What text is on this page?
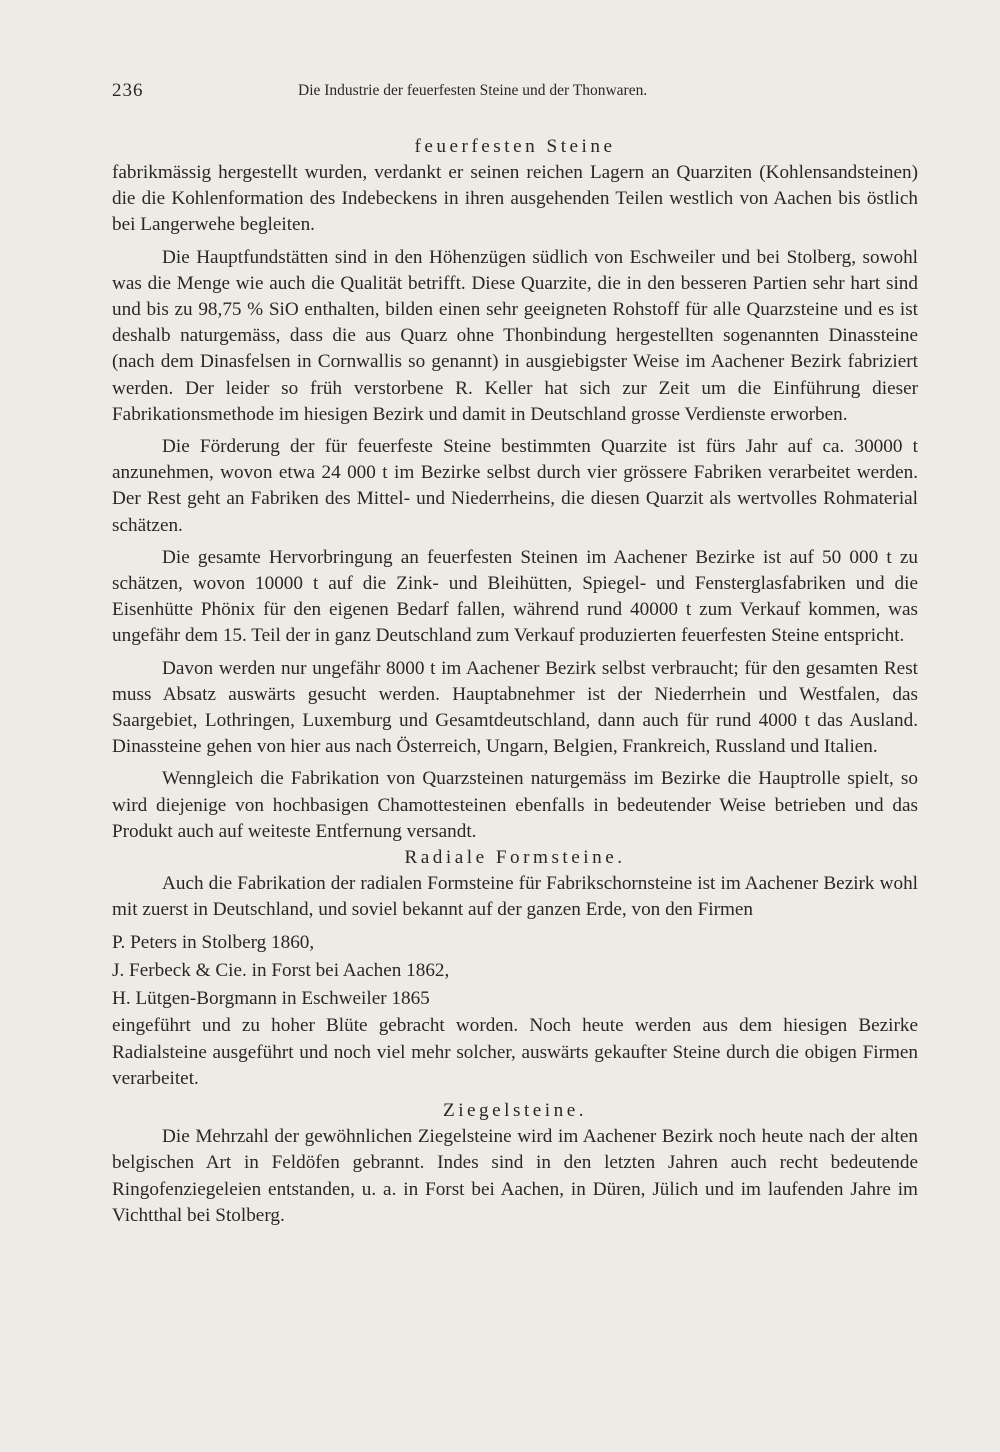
236	Die Industrie der feuerfesten Steine und der Thonwaren.

feuerfesten Steine

fabrikmässig hergestellt wurden, verdankt er seinen reichen Lagern an Quarziten (Kohlensandsteinen) die die Kohlenformation des Indebeckens in ihren ausgehenden Teilen westlich von Aachen bis östlich bei Langerwehe begleiten.

Die Hauptfundstätten sind in den Höhenzügen südlich von Eschweiler und bei Stolberg, sowohl was die Menge wie auch die Qualität betrifft. Diese Quarzite, die in den besseren Partien sehr hart sind und bis zu 98,75 % SiO enthalten, bilden einen sehr geeigneten Rohstoff für alle Quarzsteine und es ist deshalb naturgemäss, dass die aus Quarz ohne Thonbindung hergestellten sogenannten Dinassteine (nach dem Dinasfelsen in Cornwallis so genannt) in ausgiebigster Weise im Aachener Bezirk fabriziert werden. Der leider so früh verstorbene R. Keller hat sich zur Zeit um die Einführung dieser Fabrikationsmethode im hiesigen Bezirk und damit in Deutschland grosse Verdienste erworben.

Die Förderung der für feuerfeste Steine bestimmten Quarzite ist fürs Jahr auf ca. 30000 t anzunehmen, wovon etwa 24 000 t im Bezirke selbst durch vier grössere Fabriken verarbeitet werden. Der Rest geht an Fabriken des Mittel- und Niederrheins, die diesen Quarzit als wertvolles Rohmaterial schätzen.

Die gesamte Hervorbringung an feuerfesten Steinen im Aachener Bezirke ist auf 50 000 t zu schätzen, wovon 10000 t auf die Zink- und Bleihütten, Spiegel- und Fensterglasfabriken und die Eisenhütte Phönix für den eigenen Bedarf fallen, während rund 40000 t zum Verkauf kommen, was ungefähr dem 15. Teil der in ganz Deutschland zum Verkauf produzierten feuerfesten Steine entspricht.

Davon werden nur ungefähr 8000 t im Aachener Bezirk selbst verbraucht; für den gesamten Rest muss Absatz auswärts gesucht werden. Hauptabnehmer ist der Niederrhein und Westfalen, das Saargebiet, Lothringen, Luxemburg und Gesamtdeutschland, dann auch für rund 4000 t das Ausland. Dinassteine gehen von hier aus nach Österreich, Ungarn, Belgien, Frankreich, Russland und Italien.

Wenngleich die Fabrikation von Quarzsteinen naturgemäss im Bezirke die Hauptrolle spielt, so wird diejenige von hochbasigen Chamottesteinen ebenfalls in bedeutender Weise betrieben und das Produkt auch auf weiteste Entfernung versandt.

Radiale Formsteine.

Auch die Fabrikation der radialen Formsteine für Fabrikschornsteine ist im Aachener Bezirk wohl mit zuerst in Deutschland, und soviel bekannt auf der ganzen Erde, von den Firmen

P. Peters in Stolberg 1860,

J. Ferbeck & Cie. in Forst bei Aachen 1862,

H. Lütgen-Borgmann in Eschweiler 1865

eingeführt und zu hoher Blüte gebracht worden. Noch heute werden aus dem hiesigen Bezirke Radialsteine ausgeführt und noch viel mehr solcher, auswärts gekaufter Steine durch die obigen Firmen verarbeitet.

Ziegelsteine.

Die Mehrzahl der gewöhnlichen Ziegelsteine wird im Aachener Bezirk noch heute nach der alten belgischen Art in Feldöfen gebrannt. Indes sind in den letzten Jahren auch recht bedeutende Ringofenziegeleien entstanden, u. a. in Forst bei Aachen, in Düren, Jülich und im laufenden Jahre im Vichtthal bei Stolberg.
